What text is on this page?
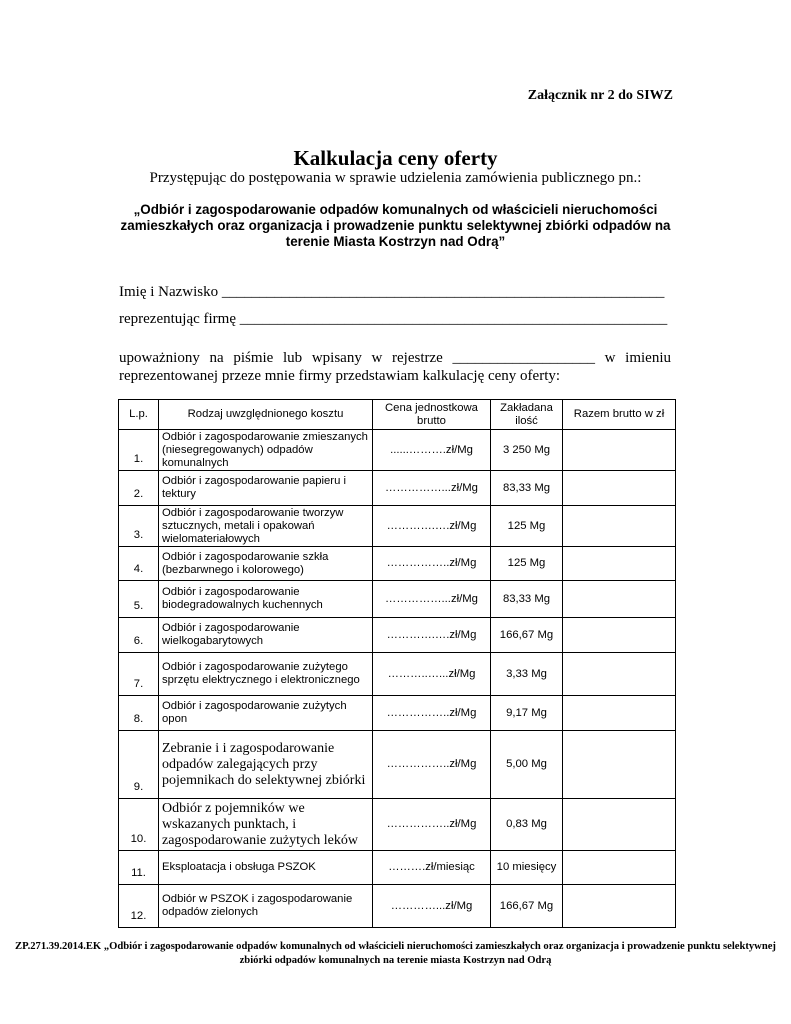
Załącznik nr 2 do SIWZ
Kalkulacja ceny oferty
Przystępując do postępowania w sprawie udzielenia zamówienia publicznego pn.:
„Odbiór i zagospodarowanie odpadów komunalnych od właścicieli nieruchomości zamieszkałych oraz organizacja i prowadzenie punktu selektywnej zbiórki odpadów na terenie Miasta Kostrzyn nad Odrą”
Imię i Nazwisko ___________________________________________________________
reprezentując firmę _________________________________________________________
upoważniony na piśmie lub wpisany w rejestrze ___________________ w imieniu reprezentowanej przeze mnie firmy przedstawiam kalkulację ceny oferty:
L.p.	Rodzaj uwzględnionego kosztu	Cena jednostkowa brutto	Zakładana ilość	Razem brutto w zł
1.	Odbiór i zagospodarowanie zmieszanych (niesegregowanych) odpadów komunalnych	......……….zł/Mg	3 250 Mg	
2.	Odbiór i zagospodarowanie papieru i tektury	……………...zł/Mg	83,33 Mg	
3.	Odbiór i zagospodarowanie tworzyw sztucznych, metali i opakowań wielomateriałowych	………….….zł/Mg	125 Mg	
4.	Odbiór i zagospodarowanie szkła (bezbarwnego i kolorowego)	……………..zł/Mg	125 Mg	
5.	Odbiór i zagospodarowanie biodegradowalnych kuchennych	……………...zł/Mg	83,33 Mg	
6.	Odbiór i zagospodarowanie wielkogabarytowych	………….….zł/Mg	166,67 Mg	
7.	Odbiór i zagospodarowanie zużytego sprzętu elektrycznego i elektronicznego	………..…...zł/Mg	3,33 Mg	
8.	Odbiór i zagospodarowanie zużytych opon	……………..zł/Mg	9,17 Mg	
9.	Zebranie i i zagospodarowanie odpadów zalegających przy pojemnikach do selektywnej zbiórki	……………..zł/Mg	5,00 Mg	
10.	Odbiór z pojemników we wskazanych punktach, i zagospodarowanie zużytych leków	……………..zł/Mg	0,83 Mg	
11.	Eksploatacja i obsługa PSZOK	……….zł/miesiąc	10 miesięcy	
12.	Odbiór w PSZOK i zagospodarowanie odpadów zielonych	…………...zł/Mg	166,67 Mg	
ZP.271.39.2014.EK „Odbiór i zagospodarowanie odpadów komunalnych od właścicieli nieruchomości zamieszkałych oraz organizacja i prowadzenie punktu selektywnej zbiórki odpadów komunalnych na terenie miasta Kostrzyn nad Odrą
